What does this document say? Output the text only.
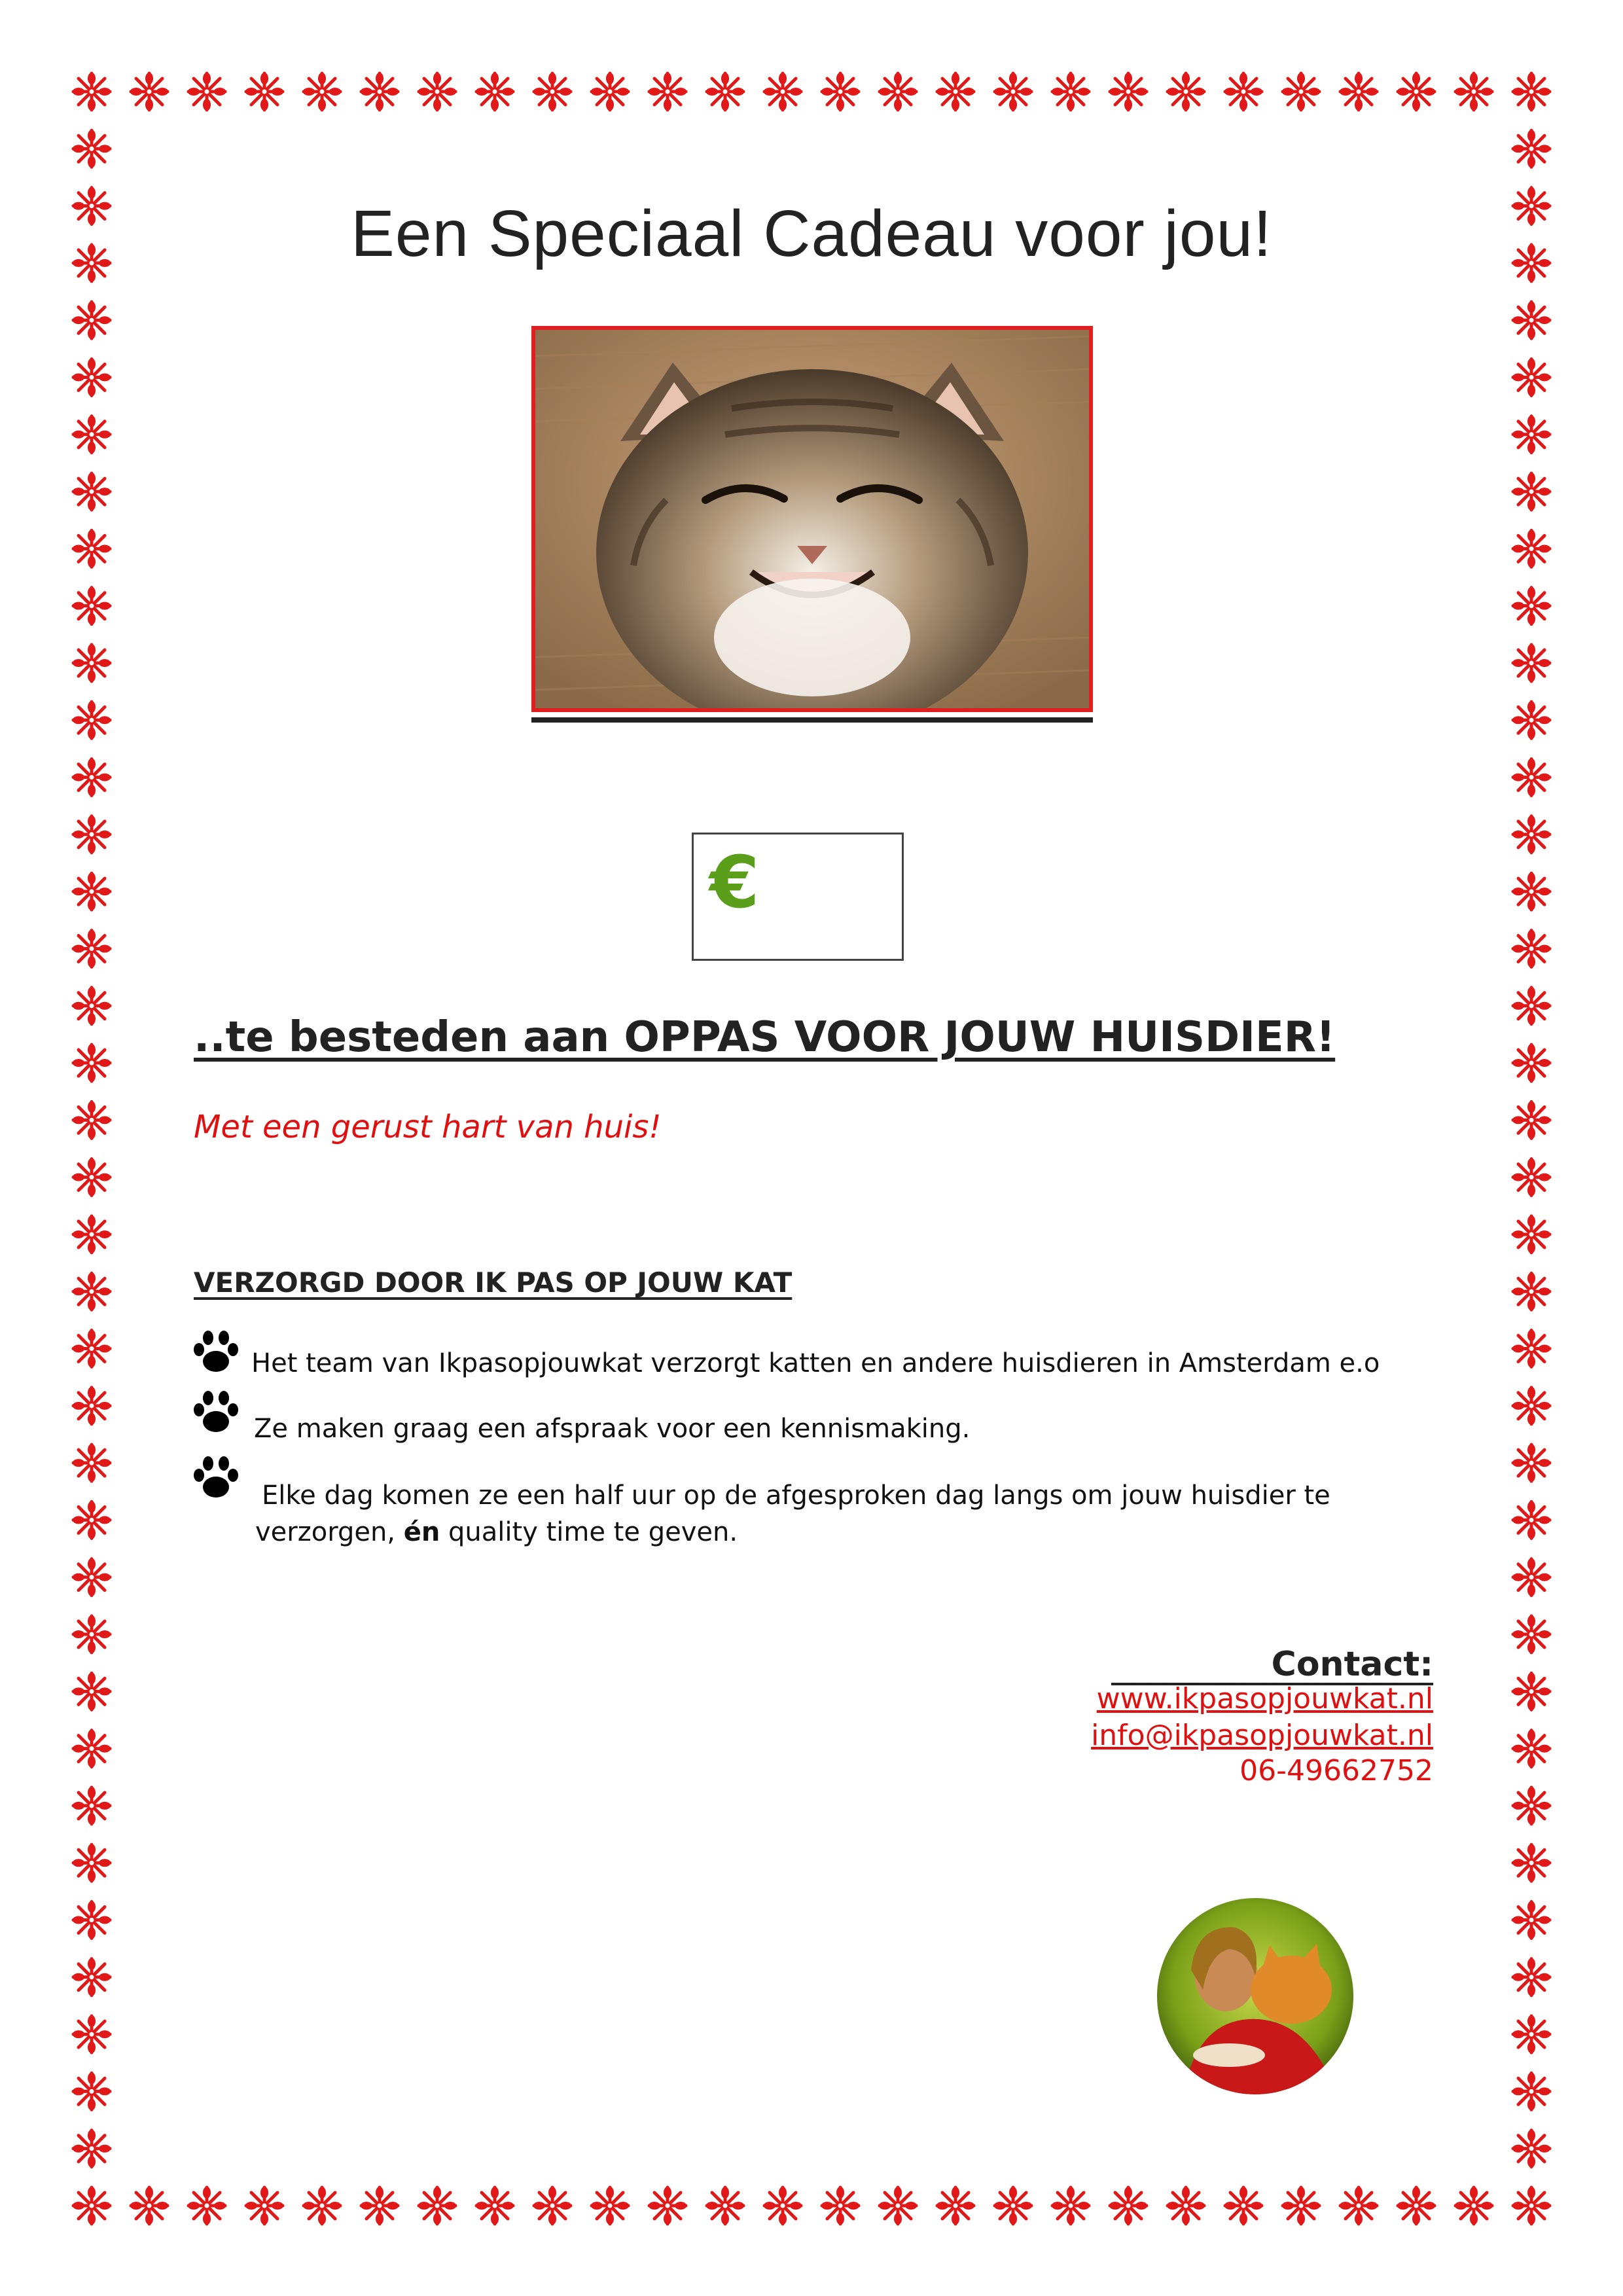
Een Speciaal Cadeau voor jou!
€
..te besteden aan OPPAS VOOR JOUW HUISDIER!
Met een gerust hart van huis!
VERZORGD DOOR IK PAS OP JOUW KAT
Het team van Ikpasopjouwkat verzorgt katten en andere huisdieren in Amsterdam e.o
Ze maken graag een afspraak voor een kennismaking.
Elke dag komen ze een half uur op de afgesproken dag langs om jouw huisdier te
verzorgen, én quality time te geven.
Contact:
www.ikpasopjouwkat.nl
info@ikpasopjouwkat.nl
06-49662752
